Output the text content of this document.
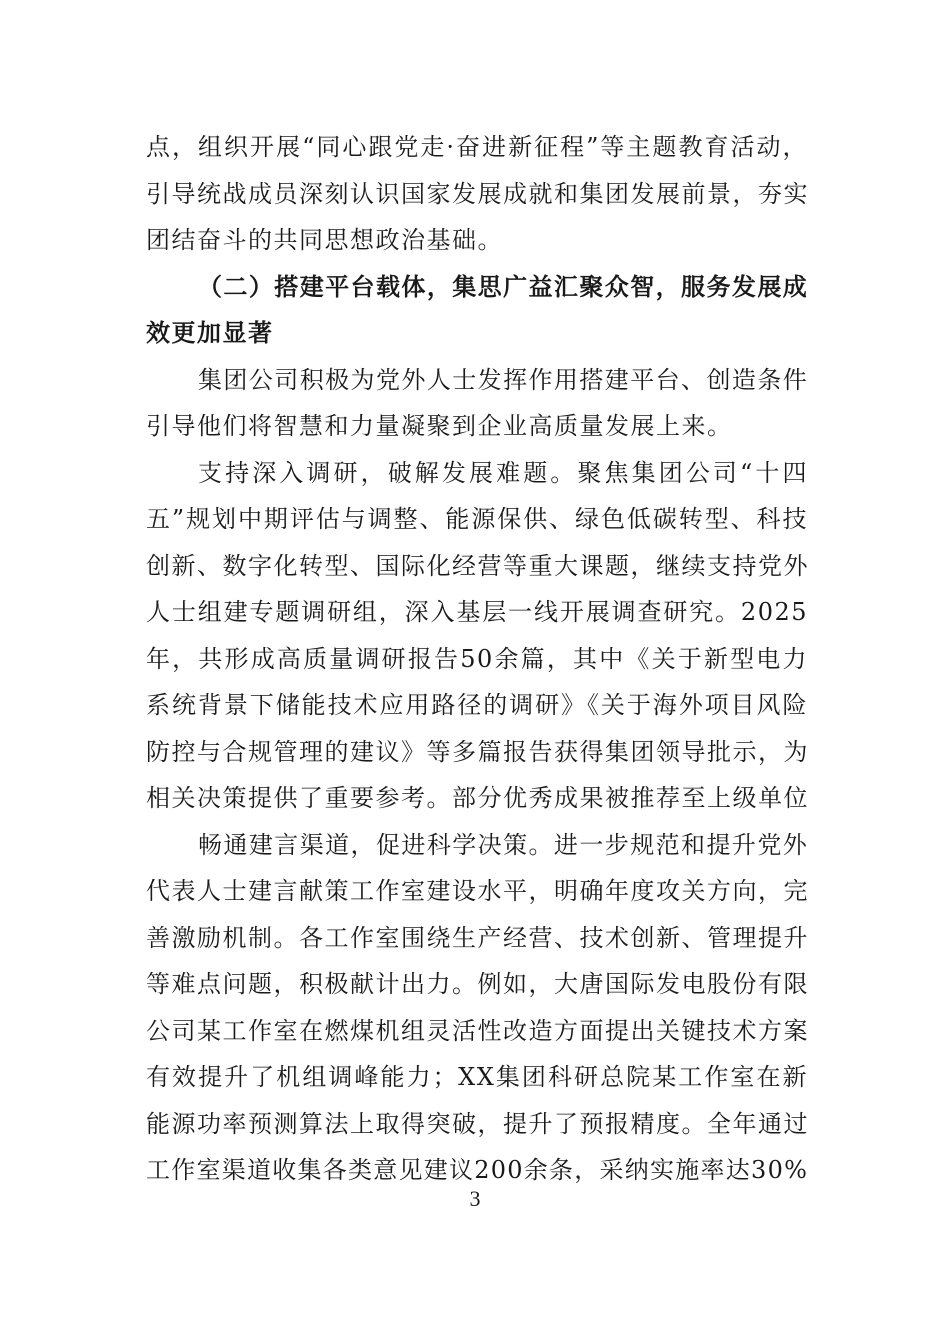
点，组织开展“同心跟党走·奋进新征程”等主题教育活动，
引导统战成员深刻认识国家发展成就和集团发展前景，夯实
团结奋斗的共同思想政治基础。
（二）搭建平台载体，集思广益汇聚众智，服务发展成
效更加显著
集团公司积极为党外人士发挥作用搭建平台、创造条件
引导他们将智慧和力量凝聚到企业高质量发展上来。
支持深入调研，破解发展难题。聚焦集团公司“十四
五”规划中期评估与调整、能源保供、绿色低碳转型、科技
创新、数字化转型、国际化经营等重大课题，继续支持党外
人士组建专题调研组，深入基层一线开展调查研究。2025
年，共形成高质量调研报告50余篇，其中《关于新型电力
系统背景下储能技术应用路径的调研》《关于海外项目风险
防控与合规管理的建议》等多篇报告获得集团领导批示，为
相关决策提供了重要参考。部分优秀成果被推荐至上级单位
畅通建言渠道，促进科学决策。进一步规范和提升党外
代表人士建言献策工作室建设水平，明确年度攻关方向，完
善激励机制。各工作室围绕生产经营、技术创新、管理提升
等难点问题，积极献计出力。例如，大唐国际发电股份有限
公司某工作室在燃煤机组灵活性改造方面提出关键技术方案
有效提升了机组调峰能力；XX集团科研总院某工作室在新
能源功率预测算法上取得突破，提升了预报精度。全年通过
工作室渠道收集各类意见建议200余条，采纳实施率达30%
3
